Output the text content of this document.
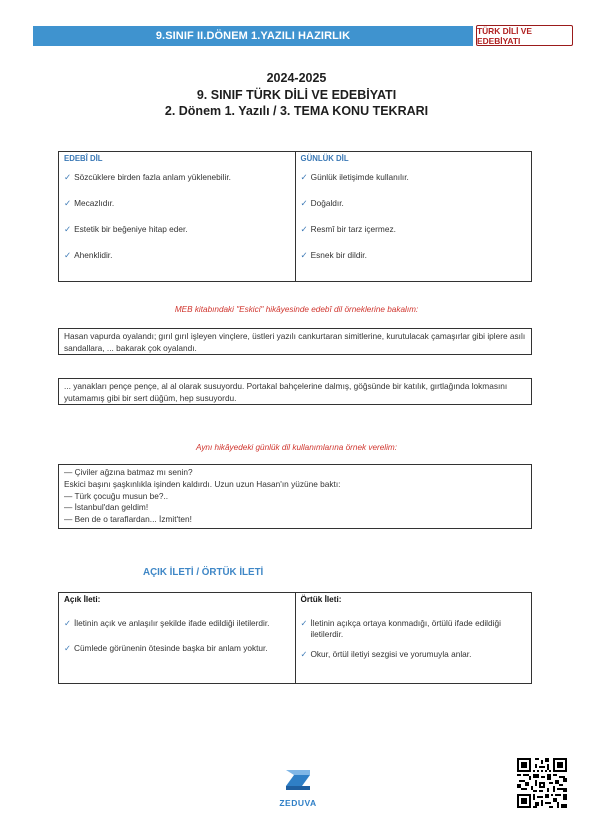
9.SINIF II.DÖNEM 1.YAZILI HAZIRLIK	TÜRK DİLİ VE EDEBİYATI
2024-2025
9. SINIF TÜRK DİLİ VE EDEBİYATI
2. Dönem 1. Yazılı / 3. TEMA KONU TEKRARI
EDEBÎ DİL
✓ Sözcüklere birden fazla anlam yüklenebilir.
✓ Mecazlıdır.
✓ Estetik bir beğeniye hitap eder.
✓ Ahenklidir.
GÜNLÜK DİL
✓ Günlük iletişimde kullanılır.
✓ Doğaldır.
✓ Resmî bir tarz içermez.
✓ Esnek bir dildir.
MEB kitabındaki "Eskici" hikâyesinde edebî dil örneklerine bakalım:
Hasan vapurda oyalandı; gırıl gırıl işleyen vinçlere, üstleri yazılı cankurtaran simitlerine, kurutulacak çamaşırlar gibi iplere asılı sandallara, ... bakarak çok oyalandı.
... yanakları pençe pençe, al al olarak susuyordu. Portakal bahçelerine dalmış, göğsünde bir katılık, gırtlağında lokmasını yutamamış gibi bir sert düğüm, hep susuyordu.
Aynı hikâyedeki günlük dil kullanımlarına örnek verelim:
— Çiviler ağzına batmaz mı senin?
Eskici başını şaşkınlıkla işinden kaldırdı. Uzun uzun Hasan'ın yüzüne baktı:
— Türk çocuğu musun be?..
— İstanbul'dan geldim!
— Ben de o taraflardan... İzmit'ten!
AÇIK İLETİ / ÖRTÜK İLETİ
Açık İleti:
✓ İletinin açık ve anlaşılır şekilde ifade edildiği iletilerdir.
✓ Cümlede görünenin ötesinde başka bir anlam yoktur.
Örtük İleti:
✓ İletinin açıkça ortaya konmadığı, örtülü ifade edildiği iletilerdir.
✓ Okur, örtül iletiyi sezgisi ve yorumuyla anlar.
ZEDUVA
